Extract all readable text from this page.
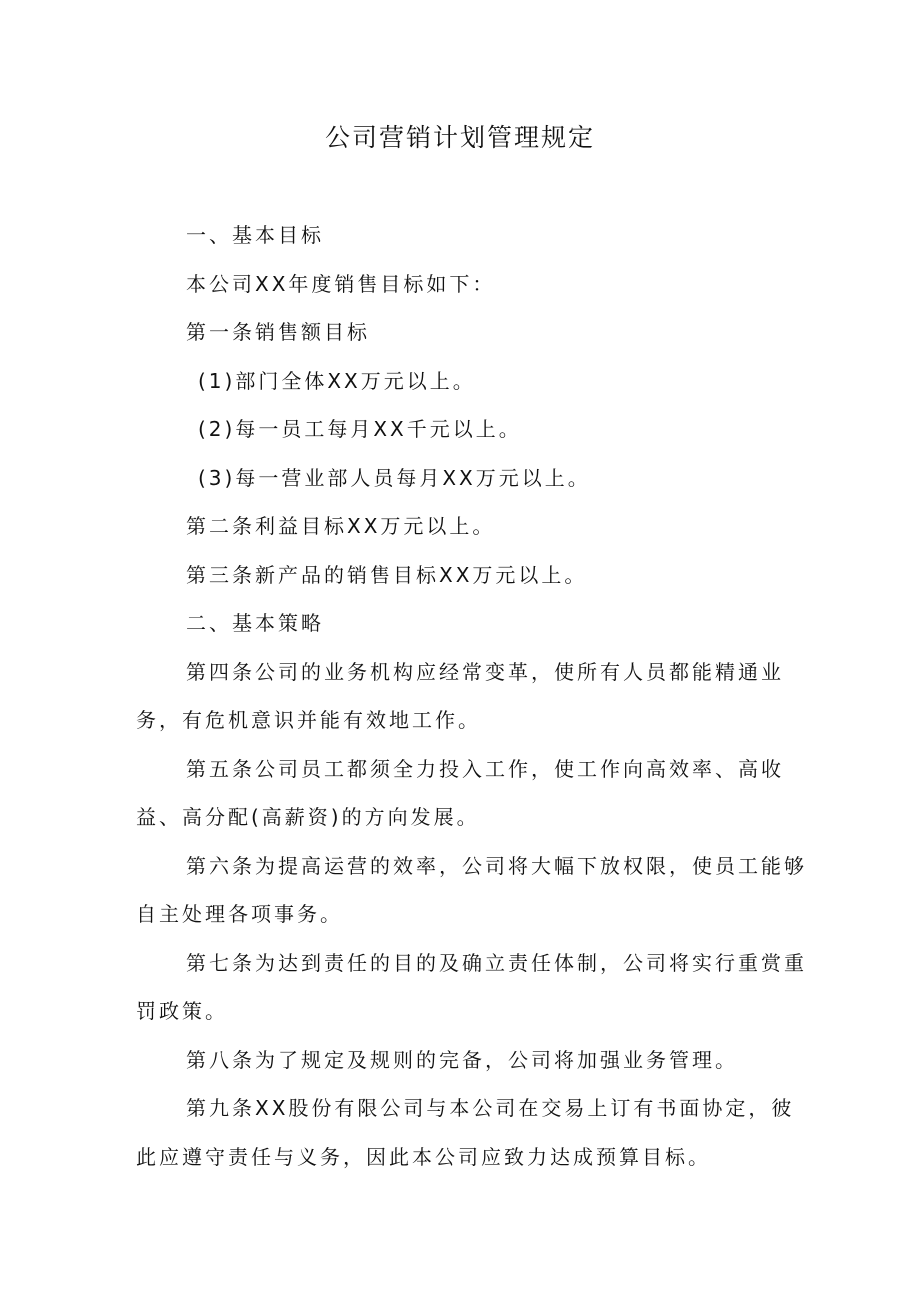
公司营销计划管理规定

一、基本目标

本公司XX年度销售目标如下：

第一条销售额目标

(1)部门全体XX万元以上。

(2)每一员工每月XX千元以上。

(3)每一营业部人员每月XX万元以上。

第二条利益目标XX万元以上。

第三条新产品的销售目标XX万元以上。

二、基本策略

第四条公司的业务机构应经常变革，使所有人员都能精通业务，有危机意识并能有效地工作。

第五条公司员工都须全力投入工作，使工作向高效率、高收益、高分配(高薪资)的方向发展。

第六条为提高运营的效率，公司将大幅下放权限，使员工能够自主处理各项事务。

第七条为达到责任的目的及确立责任体制，公司将实行重赏重罚政策。

第八条为了规定及规则的完备，公司将加强业务管理。

第九条XX股份有限公司与本公司在交易上订有书面协定，彼此应遵守责任与义务，因此本公司应致力达成预算目标。
